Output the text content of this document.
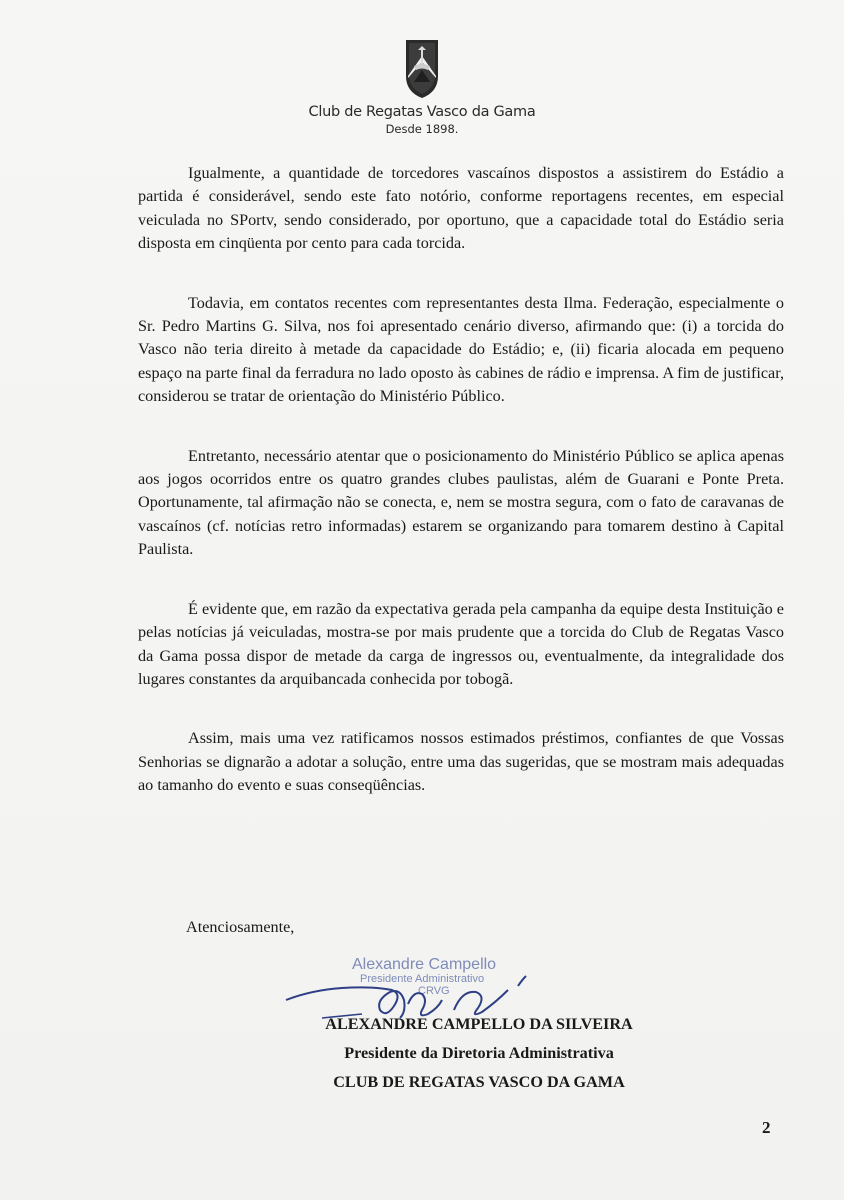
Club de Regatas Vasco da Gama
Desde 1898.

Igualmente, a quantidade de torcedores vascaínos dispostos a assistirem do Estádio a partida é considerável, sendo este fato notório, conforme reportagens recentes, em especial veiculada no SPortv, sendo considerado, por oportuno, que a capacidade total do Estádio seria disposta em cinqüenta por cento para cada torcida.

Todavia, em contatos recentes com representantes desta Ilma. Federação, especialmente o Sr. Pedro Martins G. Silva, nos foi apresentado cenário diverso, afirmando que: (i) a torcida do Vasco não teria direito à metade da capacidade do Estádio; e, (ii) ficaria alocada em pequeno espaço na parte final da ferradura no lado oposto às cabines de rádio e imprensa. A fim de justificar, considerou se tratar de orientação do Ministério Público.

Entretanto, necessário atentar que o posicionamento do Ministério Público se aplica apenas aos jogos ocorridos entre os quatro grandes clubes paulistas, além de Guarani e Ponte Preta. Oportunamente, tal afirmação não se conecta, e, nem se mostra segura, com o fato de caravanas de vascaínos (cf. notícias retro informadas) estarem se organizando para tomarem destino à Capital Paulista.

É evidente que, em razão da expectativa gerada pela campanha da equipe desta Instituição e pelas notícias já veiculadas, mostra-se por mais prudente que a torcida do Club de Regatas Vasco da Gama possa dispor de metade da carga de ingressos ou, eventualmente, da integralidade dos lugares constantes da arquibancada conhecida por tobogã.

Assim, mais uma vez ratificamos nossos estimados préstimos, confiantes de que Vossas Senhorias se dignarão a adotar a solução, entre uma das sugeridas, que se mostram mais adequadas ao tamanho do evento e suas conseqüências.

Atenciosamente,
Alexandre Campello
Presidente Administrativo
CRVG
ALEXANDRE CAMPELLO DA SILVEIRA
Presidente da Diretoria Administrativa
CLUB DE REGATAS VASCO DA GAMA
2
